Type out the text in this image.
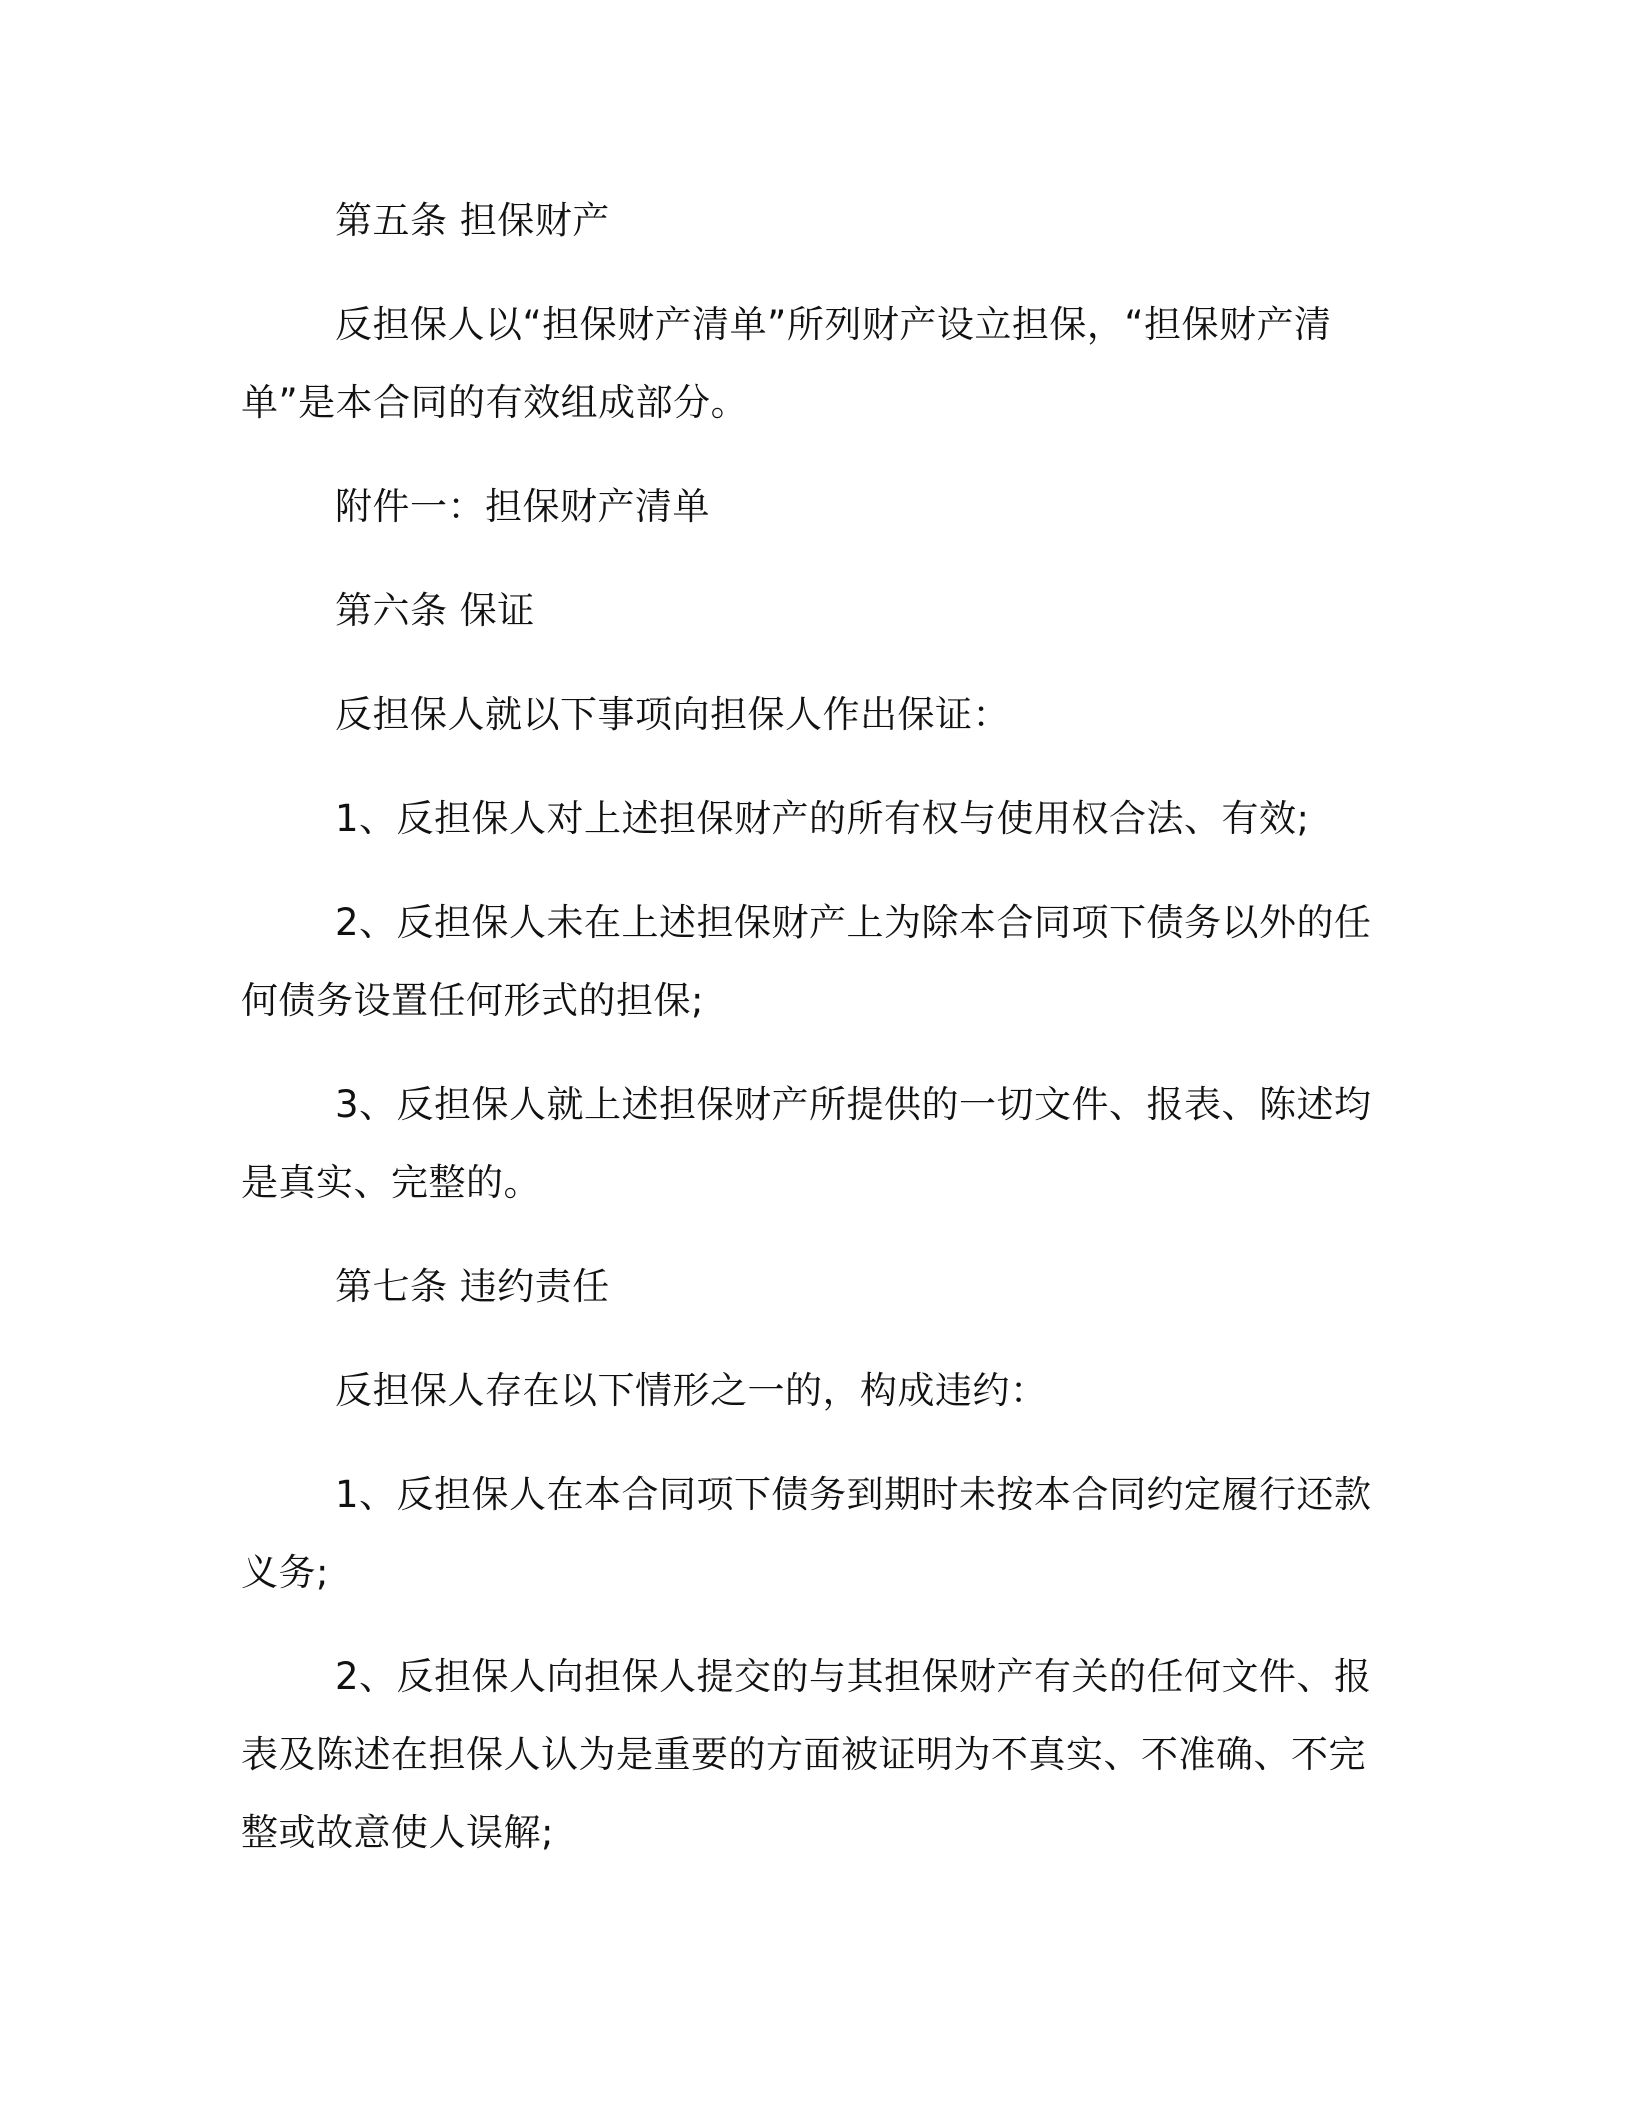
第五条 担保财产

反担保人以“担保财产清单”所列财产设立担保，“担保财产清单”是本合同的有效组成部分。

附件一：担保财产清单

第六条 保证

反担保人就以下事项向担保人作出保证：

1、反担保人对上述担保财产的所有权与使用权合法、有效;

2、反担保人未在上述担保财产上为除本合同项下债务以外的任何债务设置任何形式的担保;

3、反担保人就上述担保财产所提供的一切文件、报表、陈述均是真实、完整的。

第七条 违约责任

反担保人存在以下情形之一的，构成违约：

1、反担保人在本合同项下债务到期时未按本合同约定履行还款义务;

2、反担保人向担保人提交的与其担保财产有关的任何文件、报表及陈述在担保人认为是重要的方面被证明为不真实、不准确、不完整或故意使人误解;
